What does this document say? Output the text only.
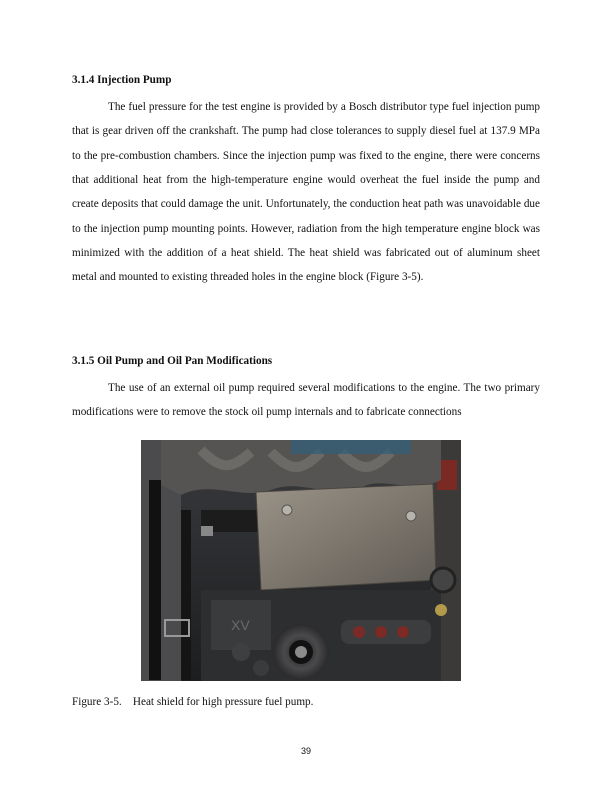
3.1.4 Injection Pump

The fuel pressure for the test engine is provided by a Bosch distributor type fuel injection pump that is gear driven off the crankshaft. The pump had close tolerances to supply diesel fuel at 137.9 MPa to the pre-combustion chambers. Since the injection pump was fixed to the engine, there were concerns that additional heat from the high-temperature engine would overheat the fuel inside the pump and create deposits that could damage the unit. Unfortunately, the conduction heat path was unavoidable due to the injection pump mounting points. However, radiation from the high temperature engine block was minimized with the addition of a heat shield. The heat shield was fabricated out of aluminum sheet metal and mounted to existing threaded holes in the engine block (Figure 3-5).

3.1.5 Oil Pump and Oil Pan Modifications

The use of an external oil pump required several modifications to the engine. The two primary modifications were to remove the stock oil pump internals and to fabricate connections

XV
Figure 3-5.    Heat shield for high pressure fuel pump.
39
